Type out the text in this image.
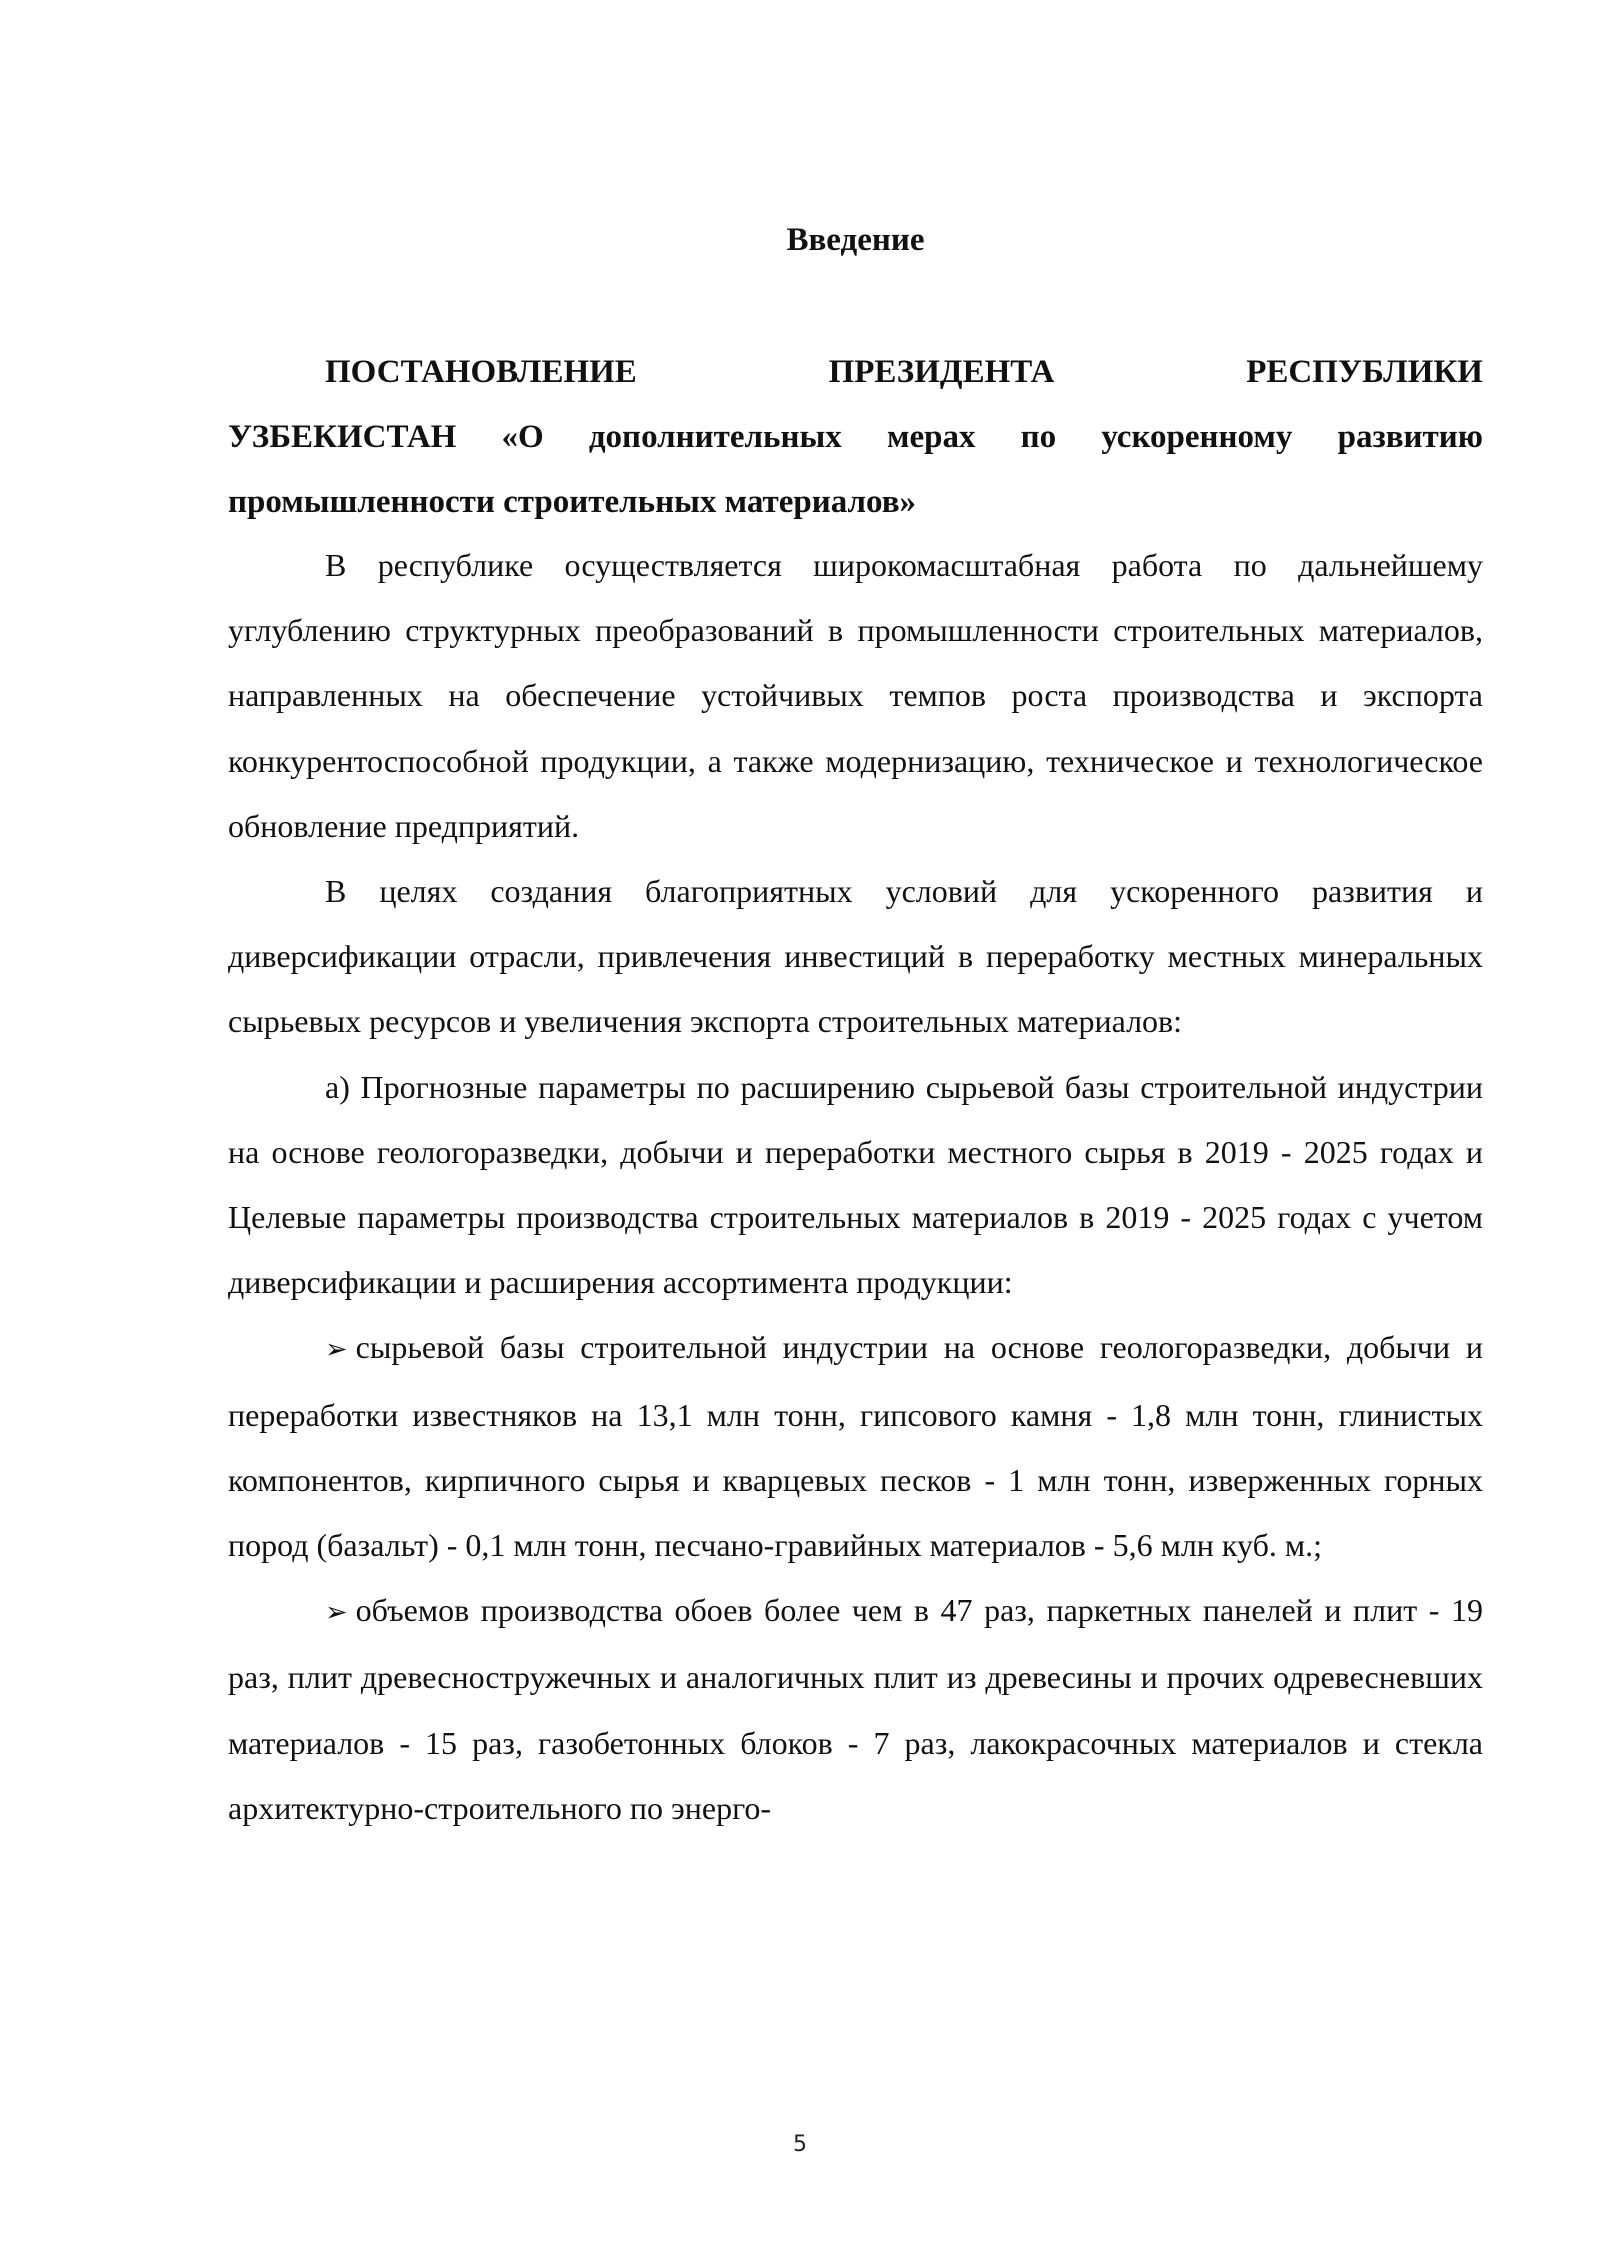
Введение
ПОСТАНОВЛЕНИЕ	ПРЕЗИДЕНТА	РЕСПУБЛИКИ
УЗБЕКИСТАН «О дополнительных мерах по ускоренному развитию
промышленности строительных материалов»

В республике осуществляется широкомасштабная работа по дальнейшему углублению структурных преобразований в промышленности строительных материалов, направленных на обеспечение устойчивых темпов роста производства и экспорта конкурентоспособной продукции, а также модернизацию, техническое и технологическое обновление предприятий.

В целях создания благоприятных условий для ускоренного развития и диверсификации отрасли, привлечения инвестиций в переработку местных минеральных сырьевых ресурсов и увеличения экспорта строительных материалов:

а) Прогнозные параметры по расширению сырьевой базы строительной индустрии на основе геологоразведки, добычи и переработки местного сырья в 2019 - 2025 годах и Целевые параметры производства строительных материалов в 2019 - 2025 годах с учетом диверсификации и расширения ассортимента продукции:

➢ сырьевой базы строительной индустрии на основе геологоразведки, добычи и переработки известняков на 13,1 млн тонн, гипсового камня - 1,8 млн тонн, глинистых компонентов, кирпичного сырья и кварцевых песков - 1 млн тонн, изверженных горных пород (базальт) - 0,1 млн тонн, песчано-гравийных материалов - 5,6 млн куб. м.;

➢ объемов производства обоев более чем в 47 раз, паркетных панелей и плит - 19 раз, плит древесностружечных и аналогичных плит из древесины и прочих одревесневших материалов - 15 раз, газобетонных блоков - 7 раз, лакокрасочных материалов и стекла архитектурно-строительного по энерго-

5
